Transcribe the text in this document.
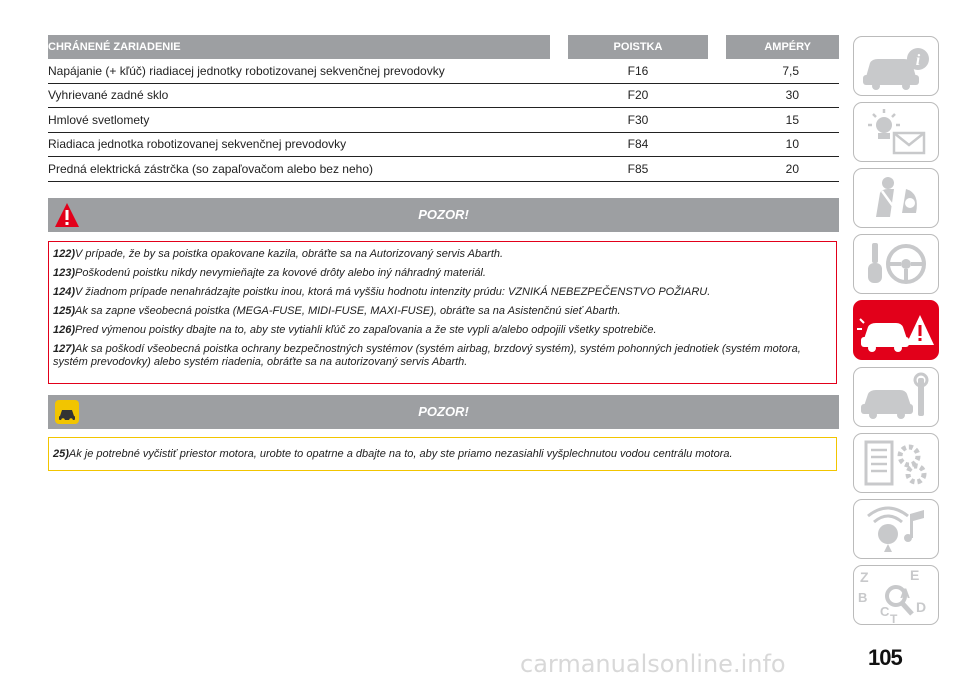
CHRÁNENÉ ZARIADENIE	POISTKA	AMPÉRY
Napájanie (+ kľúč) riadiacej jednotky robotizovanej sekvenčnej prevodovky	F16	7,5
Vyhrievané zadné sklo	F20	30
Hmlové svetlomety	F30	15
Riadiaca jednotka robotizovanej sekvenčnej prevodovky	F84	10
Predná elektrická zástrčka (so zapaľovačom alebo bez neho)	F85	20
POZOR!
122)V prípade, že by sa poistka opakovane kazila, obráťte sa na Autorizovaný servis Abarth.
123)Poškodenú poistku nikdy nevymieňajte za kovové drôty alebo iný náhradný materiál.
124)V žiadnom prípade nenahrádzajte poistku inou, ktorá má vyššiu hodnotu intenzity prúdu: VZNIKÁ NEBEZPEČENSTVO POŽIARU.
125)Ak sa zapne všeobecná poistka (MEGA-FUSE, MIDI-FUSE, MAXI-FUSE), obráťte sa na Asistenčnú sieť Abarth.
126)Pred výmenou poistky dbajte na to, aby ste vytiahli kľúč zo zapaľovania a že ste vypli a/alebo odpojili všetky spotrebiče.
127)Ak sa poškodí všeobecná poistka ochrany bezpečnostných systémov (systém airbag, brzdový systém), systém pohonných jednotiek (systém motora, systém prevodovky) alebo systém riadenia, obráťte sa na autorizovaný servis Abarth.
POZOR!
25)Ak je potrebné vyčistiť priestor motora, urobte to opatrne a dbajte na to, aby ste priamo nezasiahli vyšplechnutou vodou centrálu motora.
i
Z	E
B A
C D
T
105
carmanualsonline.info
